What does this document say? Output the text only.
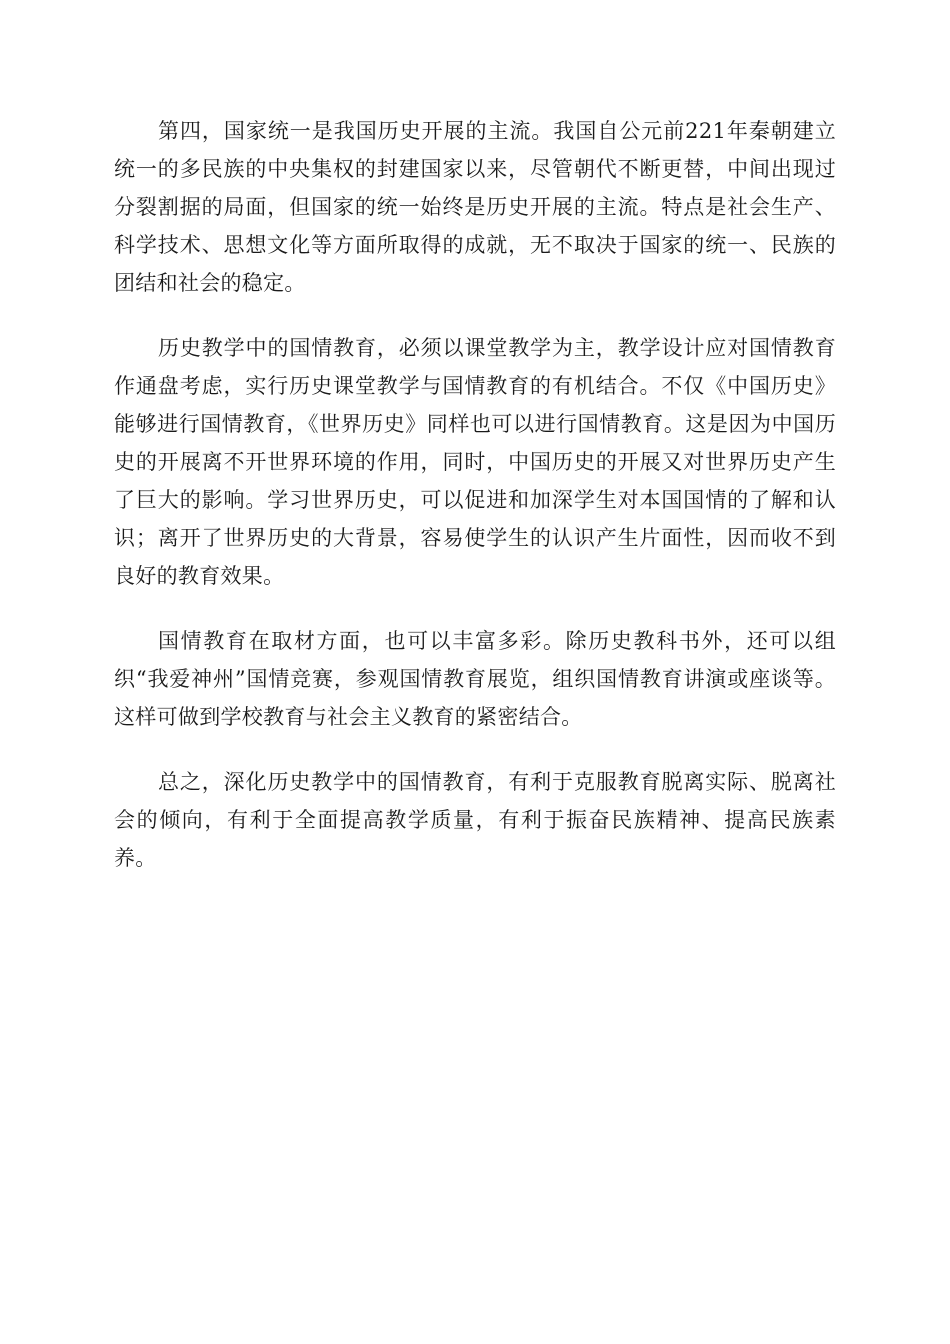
第四，国家统一是我国历史开展的主流。我国自公元前221年秦朝建立统一的多民族的中央集权的封建国家以来，尽管朝代不断更替，中间出现过分裂割据的局面，但国家的统一始终是历史开展的主流。特点是社会生产、科学技术、思想文化等方面所取得的成就，无不取决于国家的统一、民族的团结和社会的稳定。

历史教学中的国情教育，必须以课堂教学为主，教学设计应对国情教育作通盘考虑，实行历史课堂教学与国情教育的有机结合。不仅《中国历史》能够进行国情教育，《世界历史》同样也可以进行国情教育。这是因为中国历史的开展离不开世界环境的作用，同时，中国历史的开展又对世界历史产生了巨大的影响。学习世界历史，可以促进和加深学生对本国国情的了解和认识；离开了世界历史的大背景，容易使学生的认识产生片面性，因而收不到良好的教育效果。

国情教育在取材方面，也可以丰富多彩。除历史教科书外，还可以组织“我爱神州”国情竞赛，参观国情教育展览，组织国情教育讲演或座谈等。这样可做到学校教育与社会主义教育的紧密结合。

总之，深化历史教学中的国情教育，有利于克服教育脱离实际、脱离社会的倾向，有利于全面提高教学质量，有利于振奋民族精神、提高民族素养。
